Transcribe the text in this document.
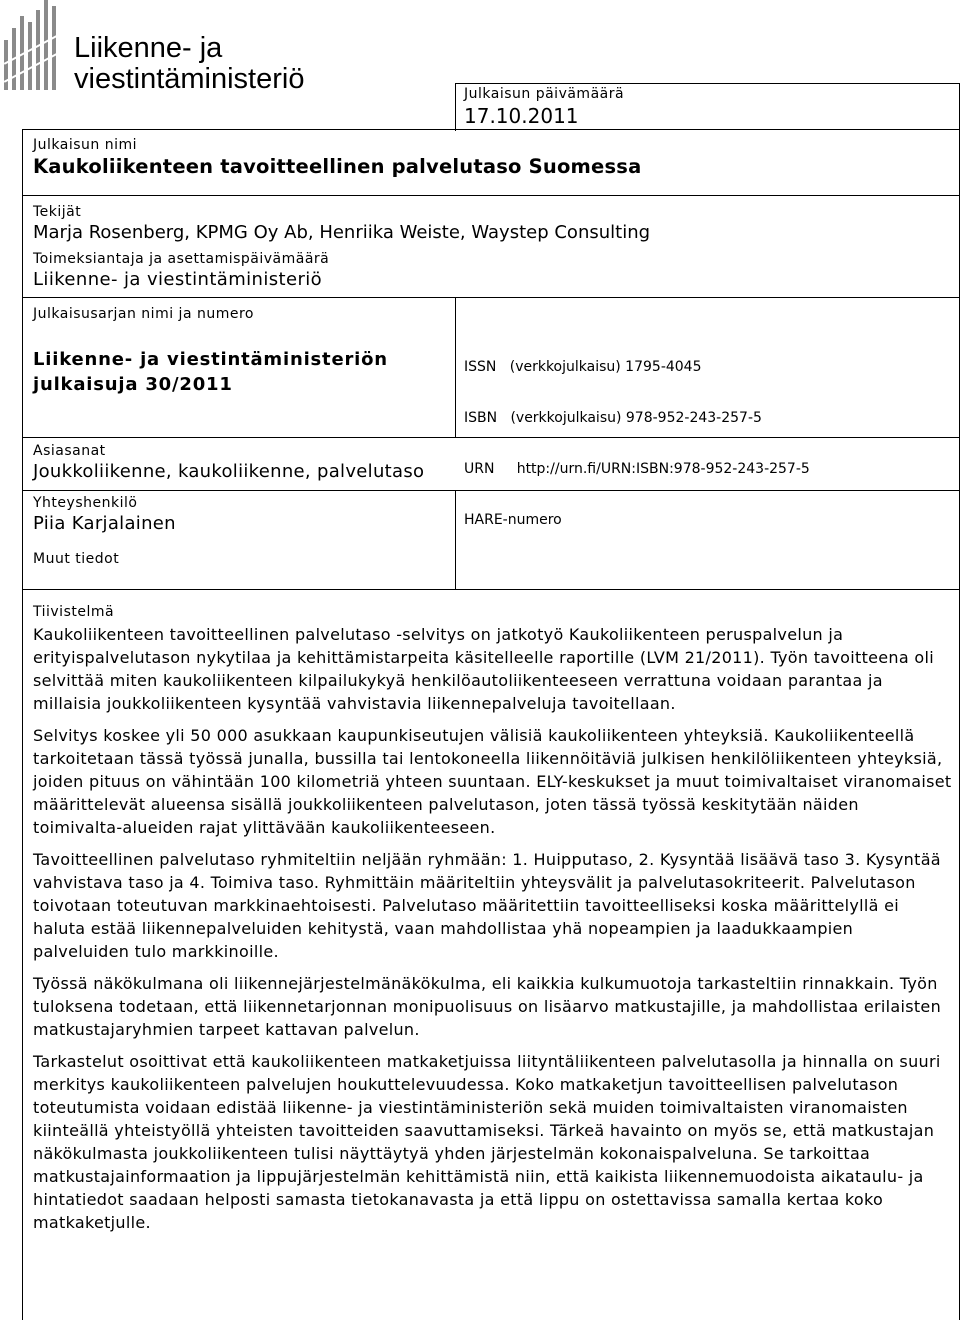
Liikenne- ja
viestintäministeriö	Julkaisun päivämäärä
17.10.2011
Julkaisun nimi
Kaukoliikenteen tavoitteellinen palvelutaso Suomessa
Tekijät
Marja Rosenberg, KPMG Oy Ab, Henriika Weiste, Waystep Consulting
Toimeksiantaja ja asettamispäivämäärä
Liikenne- ja viestintäministeriö
Julkaisusarjan nimi ja numero
Liikenne- ja viestintäministeriön
julkaisuja 30/2011

ISSN   (verkkojulkaisu) 1795-4045

ISBN   (verkkojulkaisu) 978-952-243-257-5

URN     http://urn.fi/URN:ISBN:978-952-243-257-5

HARE-numero

Asiasanat
Joukkoliikenne, kaukoliikenne, palvelutaso
Yhteyshenkilö
Piia Karjalainen
Muut tiedot
Tiivistelmä

Kaukoliikenteen tavoitteellinen palvelutaso -selvitys on jatkotyö Kaukoliikenteen peruspalvelun ja erityispalvelutason nykytilaa ja kehittämistarpeita käsitelleelle raportille (LVM 21/2011). Työn tavoitteena oli selvittää miten kaukoliikenteen kilpailukykyä henkilöautoliikenteeseen verrattuna voidaan parantaa ja millaisia joukkoliikenteen kysyntää vahvistavia liikennepalveluja tavoitellaan.

Selvitys koskee yli 50 000 asukkaan kaupunkiseutujen välisiä kaukoliikenteen yhteyksiä. Kaukoliikenteellä tarkoitetaan tässä työssä junalla, bussilla tai lentokoneella liikennöitäviä julkisen henkilöliikenteen yhteyksiä, joiden pituus on vähintään 100 kilometriä yhteen suuntaan. ELY-keskukset ja muut toimivaltaiset viranomaiset määrittelevät alueensa sisällä joukkoliikenteen palvelutason, joten tässä työssä keskitytään näiden toimivalta-alueiden rajat ylittävään kaukoliikenteeseen.

Tavoitteellinen palvelutaso ryhmiteltiin neljään ryhmään: 1. Huipputaso, 2. Kysyntää lisäävä taso 3. Kysyntää vahvistava taso ja 4. Toimiva taso. Ryhmittäin määriteltiin yhteysvälit ja palvelutasokriteerit. Palvelutason toivotaan toteutuvan markkinaehtoisesti. Palvelutaso määritettiin tavoitteelliseksi koska määrittelyllä ei haluta estää liikennepalveluiden kehitystä, vaan mahdollistaa yhä nopeampien ja laadukkaampien palveluiden tulo markkinoille.

Työssä näkökulmana oli liikennejärjestelmänäkökulma, eli kaikkia kulkumuotoja tarkasteltiin rinnakkain. Työn tuloksena todetaan, että liikennetarjonnan monipuolisuus on lisäarvo matkustajille, ja mahdollistaa erilaisten matkustajaryhmien tarpeet kattavan palvelun.

Tarkastelut osoittivat että kaukoliikenteen matkaketjuissa liityntäliikenteen palvelutasolla ja hinnalla on suuri merkitys kaukoliikenteen palvelujen houkuttelevuudessa. Koko matkaketjun tavoitteellisen palvelutason toteutumista voidaan edistää liikenne- ja viestintäministeriön sekä muiden toimivaltaisten viranomaisten kiinteällä yhteistyöllä yhteisten tavoitteiden saavuttamiseksi. Tärkeä havainto on myös se, että matkustajan näkökulmasta joukkoliikenteen tulisi näyttäytyä yhden järjestelmän kokonaispalveluna. Se tarkoittaa matkustajainformaation ja lippujärjestelmän kehittämistä niin, että kaikista liikennemuodoista aikataulu- ja hintatiedot saadaan helposti samasta tietokanavasta ja että lippu on ostettavissa samalla kertaa koko matkaketjulle.
